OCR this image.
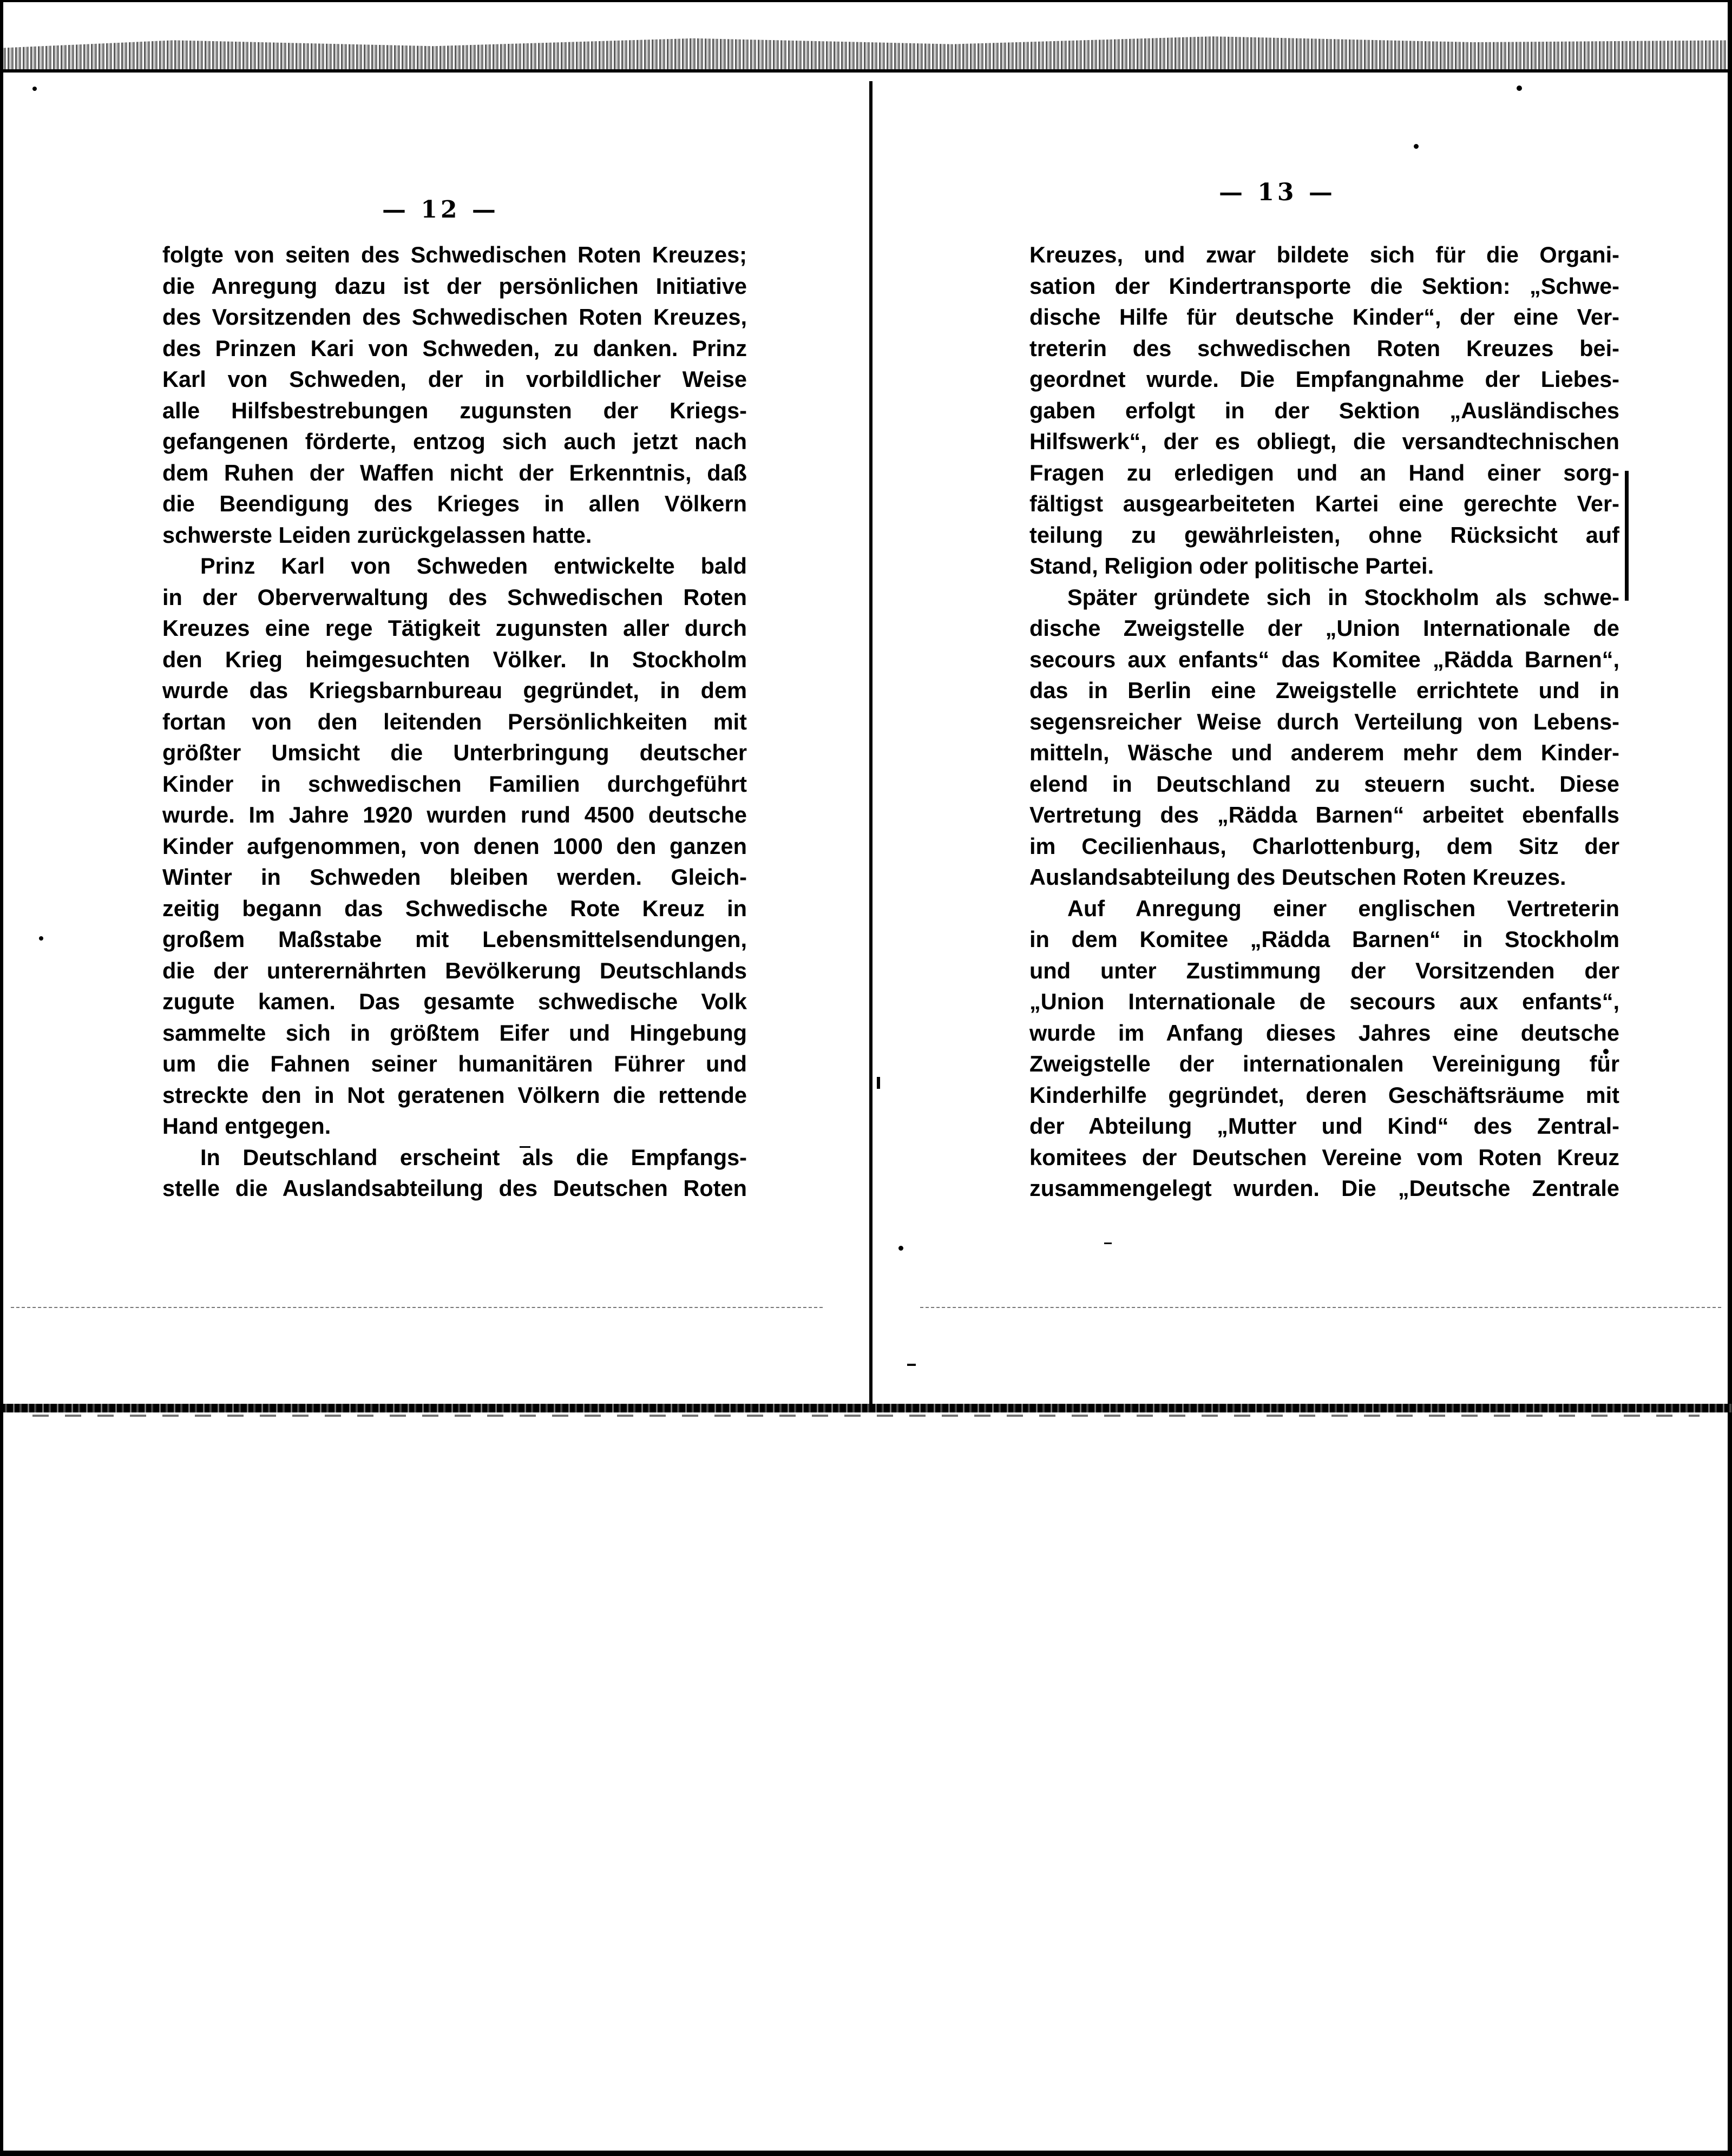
— 12 —
folgte von seiten des Schwedischen Roten Kreuzes;
die Anregung dazu ist der persönlichen Initiative
des Vorsitzenden des Schwedischen Roten Kreuzes,
des Prinzen Kari von Schweden, zu danken. Prinz
Karl von Schweden, der in vorbildlicher Weise
alle Hilfsbestrebungen zugunsten der Kriegs-
gefangenen förderte, entzog sich auch jetzt nach
dem Ruhen der Waffen nicht der Erkenntnis, daß
die Beendigung des Krieges in allen Völkern
schwerste Leiden zurückgelassen hatte.
Prinz Karl von Schweden entwickelte bald
in der Oberverwaltung des Schwedischen Roten
Kreuzes eine rege Tätigkeit zugunsten aller durch
den Krieg heimgesuchten Völker. In Stockholm
wurde das Kriegsbarnbureau gegründet, in dem
fortan von den leitenden Persönlichkeiten mit
größter Umsicht die Unterbringung deutscher
Kinder in schwedischen Familien durchgeführt
wurde. Im Jahre 1920 wurden rund 4500 deutsche
Kinder aufgenommen, von denen 1000 den ganzen
Winter in Schweden bleiben werden. Gleich-
zeitig begann das Schwedische Rote Kreuz in
großem Maßstabe mit Lebensmittelsendungen,
die der unterernährten Bevölkerung Deutschlands
zugute kamen. Das gesamte schwedische Volk
sammelte sich in größtem Eifer und Hingebung
um die Fahnen seiner humanitären Führer und
streckte den in Not geratenen Völkern die rettende
Hand entgegen.
In Deutschland erscheint als die Empfangs-
stelle die Auslandsabteilung des Deutschen Roten
— 13 —
Kreuzes, und zwar bildete sich für die Organi-
sation der Kindertransporte die Sektion: „Schwe-
dische Hilfe für deutsche Kinder“, der eine Ver-
treterin des schwedischen Roten Kreuzes bei-
geordnet wurde. Die Empfangnahme der Liebes-
gaben erfolgt in der Sektion „Ausländisches
Hilfswerk“, der es obliegt, die versandtechnischen
Fragen zu erledigen und an Hand einer sorg-
fältigst ausgearbeiteten Kartei eine gerechte Ver-
teilung zu gewährleisten, ohne Rücksicht auf
Stand, Religion oder politische Partei.
Später gründete sich in Stockholm als schwe-
dische Zweigstelle der „Union Internationale de
secours aux enfants“ das Komitee „Rädda Barnen“,
das in Berlin eine Zweigstelle errichtete und in
segensreicher Weise durch Verteilung von Lebens-
mitteln, Wäsche und anderem mehr dem Kinder-
elend in Deutschland zu steuern sucht. Diese
Vertretung des „Rädda Barnen“ arbeitet ebenfalls
im Cecilienhaus, Charlottenburg, dem Sitz der
Auslandsabteilung des Deutschen Roten Kreuzes.
Auf Anregung einer englischen Vertreterin
in dem Komitee „Rädda Barnen“ in Stockholm
und unter Zustimmung der Vorsitzenden der
„Union Internationale de secours aux enfants“,
wurde im Anfang dieses Jahres eine deutsche
Zweigstelle der internationalen Vereinigung für
Kinderhilfe gegründet, deren Geschäftsräume mit
der Abteilung „Mutter und Kind“ des Zentral-
komitees der Deutschen Vereine vom Roten Kreuz
zusammengelegt wurden. Die „Deutsche Zentrale
